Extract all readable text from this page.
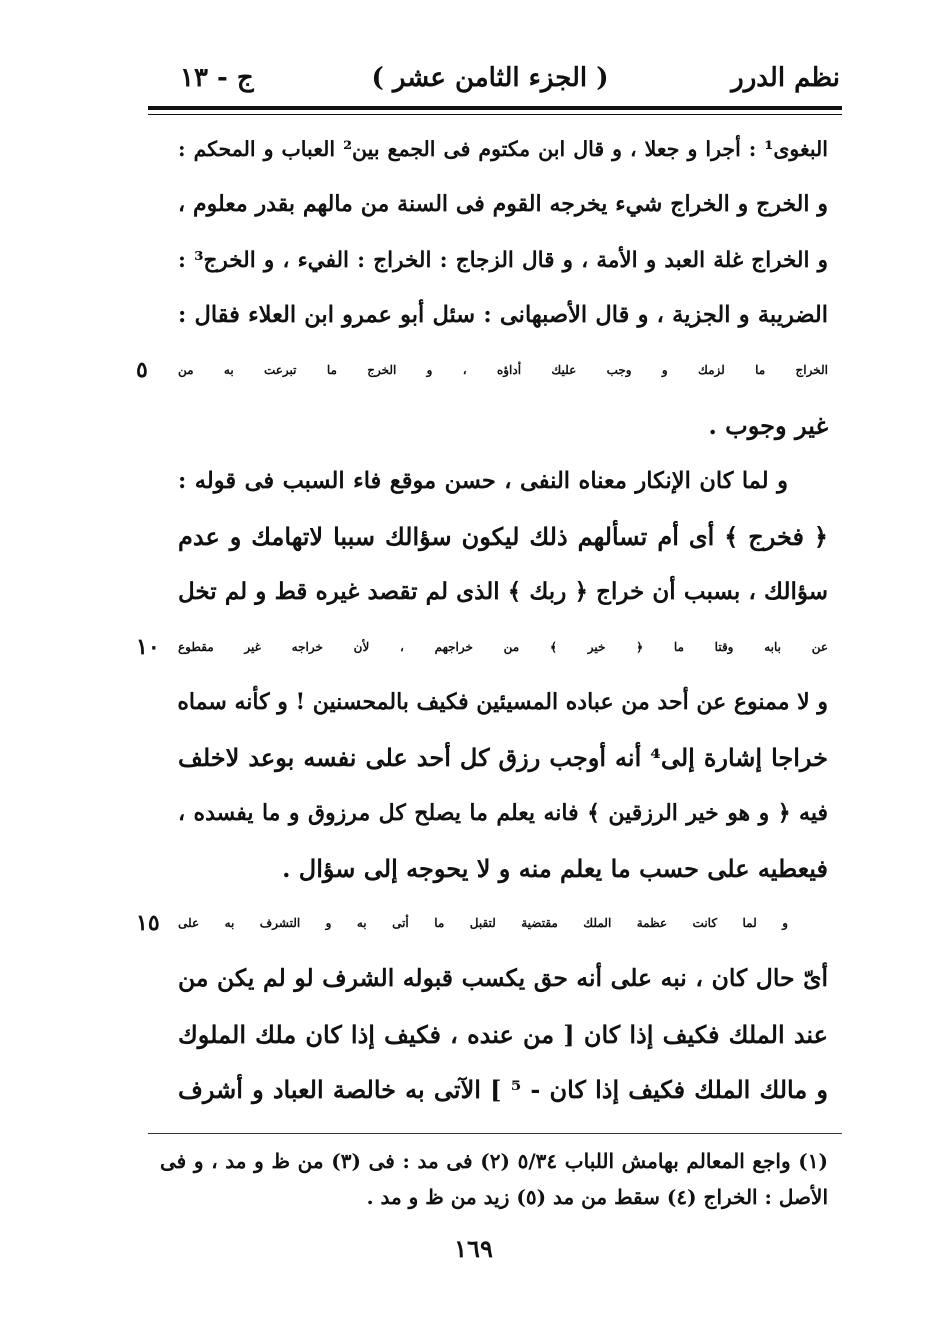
نظم الدرر
( الجزء الثامن عشر )
ج - ١٣
البغوى¹ : أجرا و جعلا ، و قال ابن مكتوم فى الجمع بين² العباب و المحكم :
و الخرج و الخراج شيء يخرجه القوم فى السنة من مالهم بقدر معلوم ،
و الخراج غلة العبد و الأمة ، و قال الزجاج : الخراج : الفيء ، و الخرج³ :
الضريبة و الجزية ، و قال الأصبهانى : سئل أبو عمرو ابن العلاء فقال :
الخراج ما لزمك و وجب عليك أداؤه ، و الخرج ما تبرعت به من
٥
غير وجوب .
و لما كان الإنكار معناه النفى ، حسن موقع فاء السبب فى قوله :
﴿ فخرج ﴾ أى أم تسألهم ذلك ليكون سؤالك سببا لاتهامك و عدم
سؤالك ، بسبب أن خراج ﴿ ربك ﴾ الذى لم تقصد غيره قط و لم تخل
عن بابه وقتا ما ﴿ خير ﴾ من خراجهم ، لأن خراجه غير مقطوع
١٠
و لا ممنوع عن أحد من عباده المسيئين فكيف بالمحسنين ! و كأنه سماه
خراجا إشارة إلى⁴ أنه أوجب رزق كل أحد على نفسه بوعد لاخلف
فيه ﴿ و هو خير الرزقين ﴾ فانه يعلم ما يصلح كل مرزوق و ما يفسده ،
فيعطيه على حسب ما يعلم منه و لا يحوجه إلى سؤال .
و لما كانت عظمة الملك مقتضية لتقبل ما أتى به و التشرف به على
١٥
أىّ حال كان ، نبه على أنه حق يكسب قبوله الشرف لو لم يكن من
عند الملك فكيف إذا كان [ من عنده ، فكيف إذا كان ملك الملوك
و مالك الملك فكيف إذا كان - ⁵ ] الآتى به خالصة العباد و أشرف
(١) واجع المعالم بهامش اللباب ٥/٣٤ (٢) فى مد : فى (٣) من ظ و مد ، و فى
الأصل : الخراج (٤) سقط من مد (٥) زيد من ظ و مد .
١٦٩
